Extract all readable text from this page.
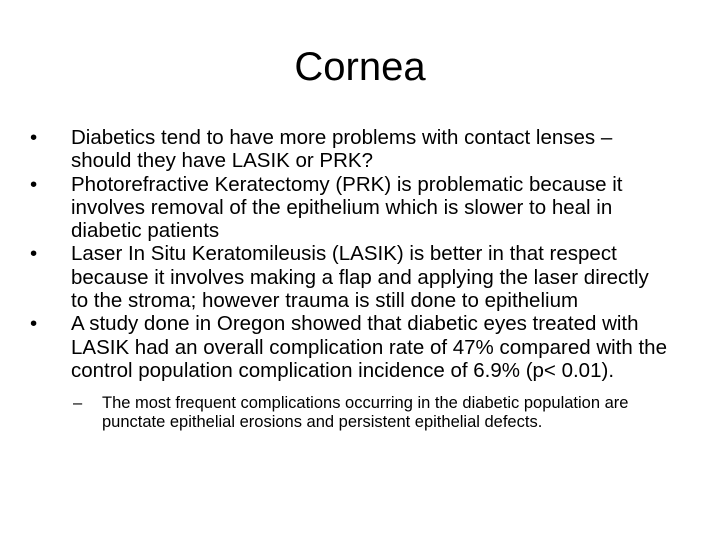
Cornea
• Diabetics tend to have more problems with contact lenses – should they have LASIK or PRK?
• Photorefractive Keratectomy (PRK) is problematic because it involves removal of the epithelium which is slower to heal in diabetic patients
• Laser In Situ Keratomileusis (LASIK) is better in that respect because it involves making a flap and applying the laser directly to the stroma; however trauma is still done to epithelium
• A study done in Oregon showed that diabetic eyes treated with LASIK had an overall complication rate of 47% compared with the control population complication incidence of 6.9% (p< 0.01).
– The most frequent complications occurring in the diabetic population are punctate epithelial erosions and persistent epithelial defects.
